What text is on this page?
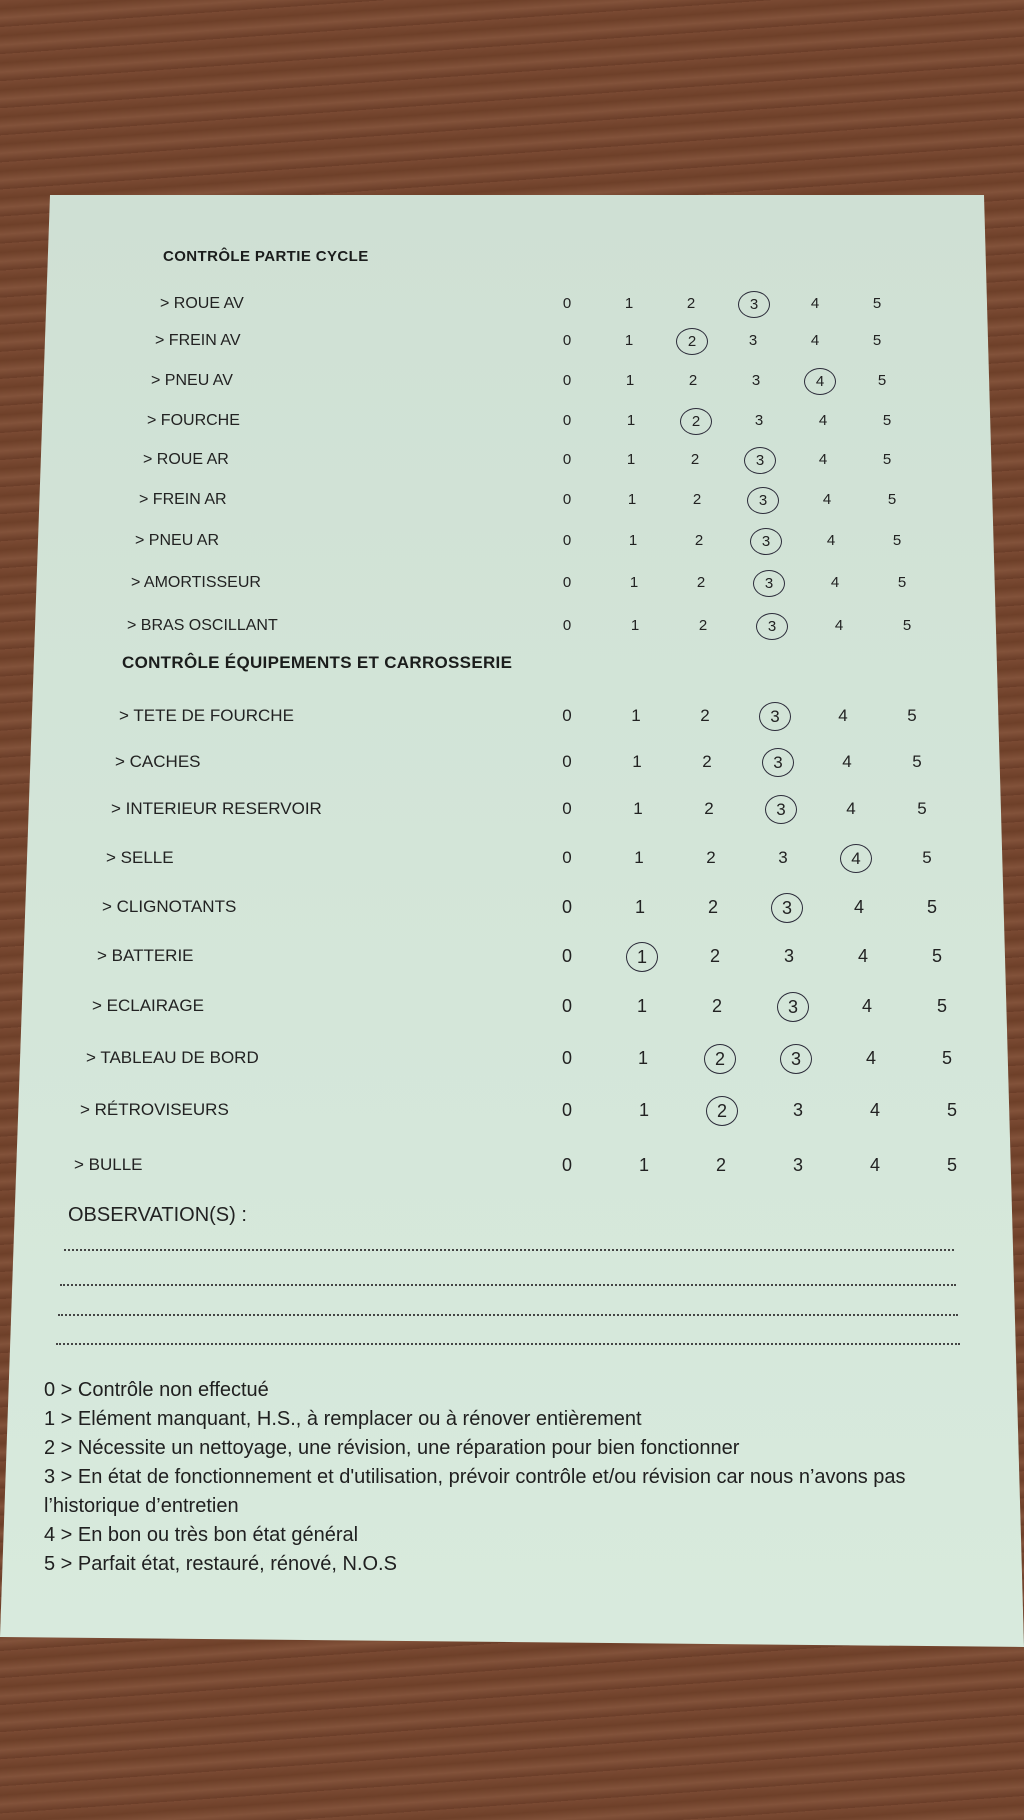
CONTRÔLE PARTIE CYCLE
CONTRÔLE ÉQUIPEMENTS ET CARROSSERIE
> ROUE AV	0	1	2	3	4	5
> FREIN AV	0	1	2	3	4	5
> PNEU AV	0	1	2	3	4	5
> FOURCHE	0	1	2	3	4	5
> ROUE AR	0	1	2	3	4	5
> FREIN AR	0	1	2	3	4	5
> PNEU AR	0	1	2	3	4	5
> AMORTISSEUR	0	1	2	3	4	5
> BRAS OSCILLANT	0	1	2	3	4	5
> TETE DE FOURCHE	0	1	2	3	4	5
> CACHES	0	1	2	3	4	5
> INTERIEUR RESERVOIR	0	1	2	3	4	5
> SELLE	0	1	2	3	4	5
> CLIGNOTANTS	0	1	2	3	4	5
> BATTERIE	0	1	2	3	4	5
> ECLAIRAGE	0	1	2	3	4	5
> TABLEAU DE BORD	0	1	2	3	4	5
> RÉTROVISEURS	0	1	2	3	4	5
> BULLE	0	1	2	3	4	5
OBSERVATION(S) :
0 > Contrôle non effectué
1 > Elément manquant, H.S., à remplacer ou à rénover entièrement
2 > Nécessite un nettoyage, une révision, une réparation pour bien fonctionner
3 > En état de fonctionnement et d'utilisation, prévoir contrôle et/ou révision car nous n’avons pas l’historique d’entretien
4 > En bon ou très bon état général
5 > Parfait état, restauré, rénové, N.O.S
